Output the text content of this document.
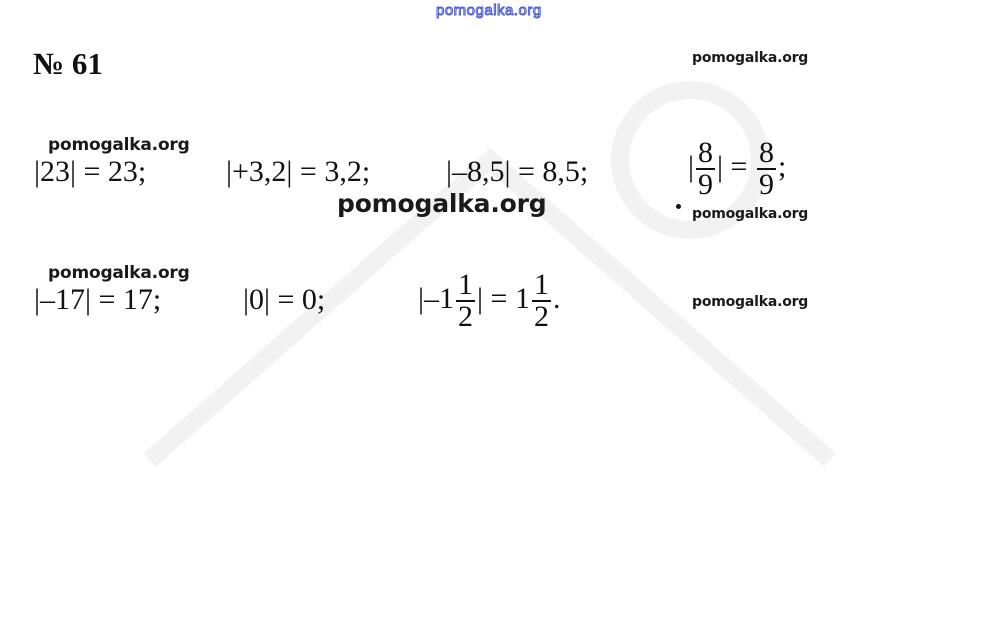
pomogalka.org
№ 61	pomogalka.org
pomogalka.org
|23| = 23;	|+3,2| = 3,2;	|–8,5| = 8,5;	| $\frac{8}{9}$ | = $\frac{8}{9}$ ;
pomogalka.org	pomogalka.org
pomogalka.org
|–17| = 17;	|0| = 0;	$|-1 \frac{1}{2}$ | = $1 \frac{1}{2}$ .	pomogalka.org
